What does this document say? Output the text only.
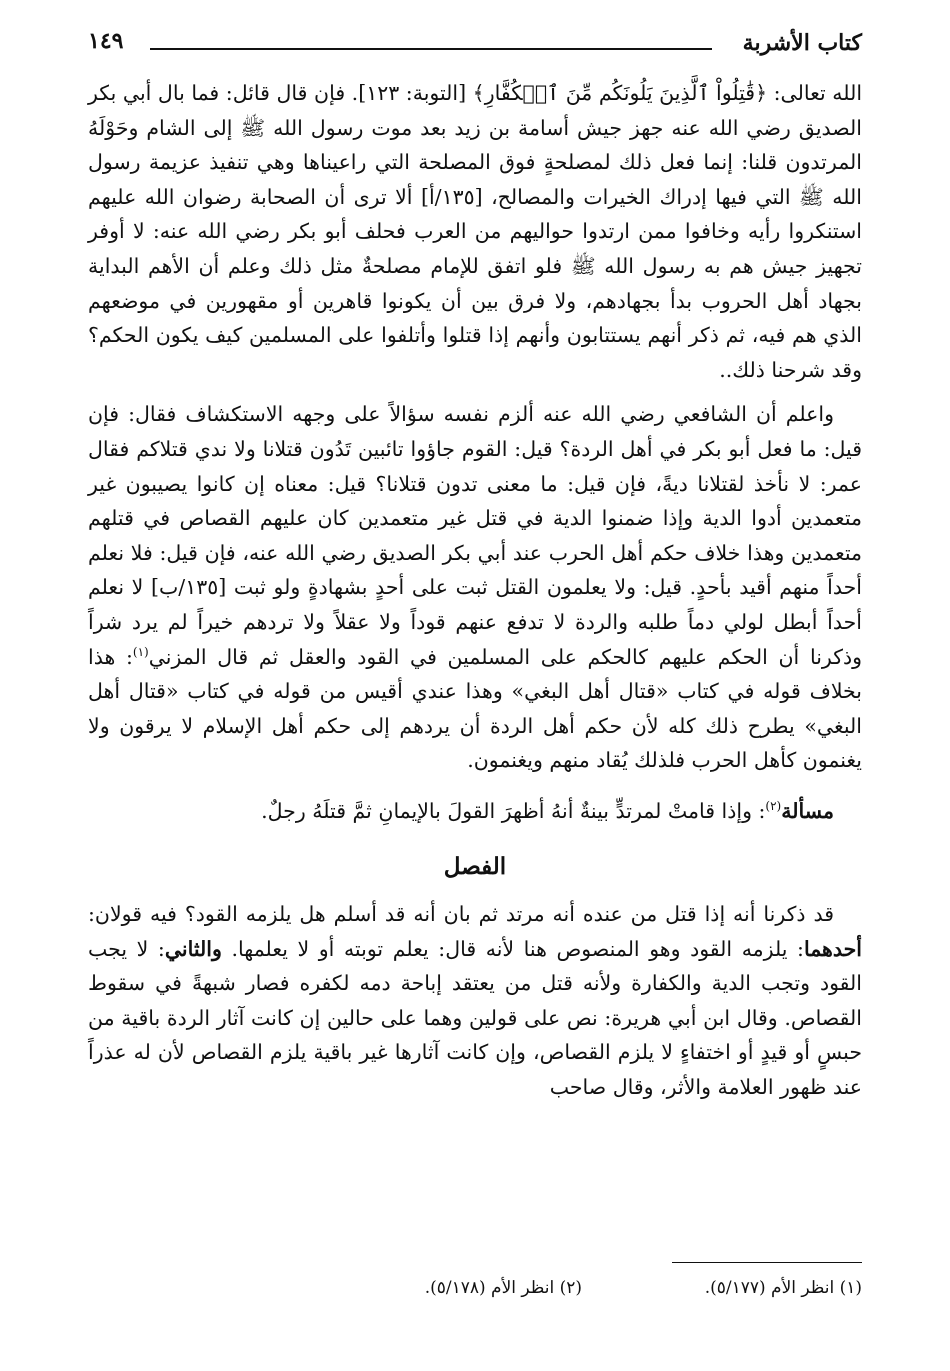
كتاب الأشربة
١٤٩

الله تعالى: ﴿قَٰتِلُواْ ٱلَّذِينَ يَلُونَكُم مِّنَ ٱلۡكُفَّارِ﴾ [التوبة: ١٢٣]. فإن قال قائل: فما بال أبي بكر الصديق رضي الله عنه جهز جيش أسامة بن زيد بعد موت رسول الله ﷺ إلى الشام وحَوْلَهُ المرتدون قلنا: إنما فعل ذلك لمصلحةٍ فوق المصلحة التي راعيناها وهي تنفيذ عزيمة رسول الله ﷺ التي فيها إدراك الخيرات والمصالح، [١٣٥/أ] ألا ترى أن الصحابة رضوان الله عليهم استنكروا رأيه وخافوا ممن ارتدوا حواليهم من العرب فحلف أبو بكر رضي الله عنه: لا أوفر تجهيز جيش هم به رسول الله ﷺ فلو اتفق للإمام مصلحةٌ مثل ذلك وعلم أن الأهم البداية بجهاد أهل الحروب بدأ بجهادهم، ولا فرق بين أن يكونوا قاهرين أو مقهورين في موضعهم الذي هم فيه، ثم ذكر أنهم يستتابون وأنهم إذا قتلوا وأتلفوا على المسلمين كيف يكون الحكم؟ وقد شرحنا ذلك..

واعلم أن الشافعي رضي الله عنه ألزم نفسه سؤالاً على وجهه الاستكشاف فقال: فإن قيل: ما فعل أبو بكر في أهل الردة؟ قيل: القوم جاؤوا تائبين تَدُون قتلانا ولا ندي قتلاكم فقال عمر: لا نأخذ لقتلانا ديةً، فإن قيل: ما معنى تدون قتلانا؟ قيل: معناه إن كانوا يصيبون غير متعمدين أدوا الدية وإذا ضمنوا الدية في قتل غير متعمدين كان عليهم القصاص في قتلهم متعمدين وهذا خلاف حكم أهل الحرب عند أبي بكر الصديق رضي الله عنه، فإن قيل: فلا نعلم أحداً منهم أقيد بأحدٍ. قيل: ولا يعلمون القتل ثبت على أحدٍ بشهادةٍ ولو ثبت [١٣٥/ب] لا نعلم أحداً أبطل لولي دماً طلبه والردة لا تدفع عنهم قوداً ولا عقلاً ولا تردهم خيراً لم يرد شراً وذكرنا أن الحكم عليهم كالحكم على المسلمين في القود والعقل ثم قال المزني$^{(١)}$: هذا بخلاف قوله في كتاب «قتال أهل البغي» وهذا عندي أقيس من قوله في كتاب «قتال أهل البغي» يطرح ذلك كله لأن حكم أهل الردة أن يردهم إلى حكم أهل الإسلام لا يرقون ولا يغنمون كأهل الحرب فلذلك يُقاد منهم ويغنمون.

مسألة$^{(٢)}$: وإذا قامتْ لمرتدٍّ بينةٌ أنهُ أظهرَ القولَ بالإيمانِ ثمَّ قتلَهُ رجلٌ.

الفصل

قد ذكرنا أنه إذا قتل من عنده أنه مرتد ثم بان أنه قد أسلم هل يلزمه القود؟ فيه قولان: أحدهما: يلزمه القود وهو المنصوص هنا لأنه قال: يعلم توبته أو لا يعلمها. والثاني: لا يجب القود وتجب الدية والكفارة ولأنه قتل من يعتقد إباحة دمه لكفره فصار شبهةً في سقوط القصاص. وقال ابن أبي هريرة: نص على قولين وهما على حالين إن كانت آثار الردة باقية من حبسٍ أو قيدٍ أو اختفاءٍ لا يلزم القصاص، وإن كانت آثارها غير باقية يلزم القصاص لأن له عذراً عند ظهور العلامة والأثر، وقال صاحب

(١) انظر الأم (٥/١٧٧).
(٢) انظر الأم (٥/١٧٨).
